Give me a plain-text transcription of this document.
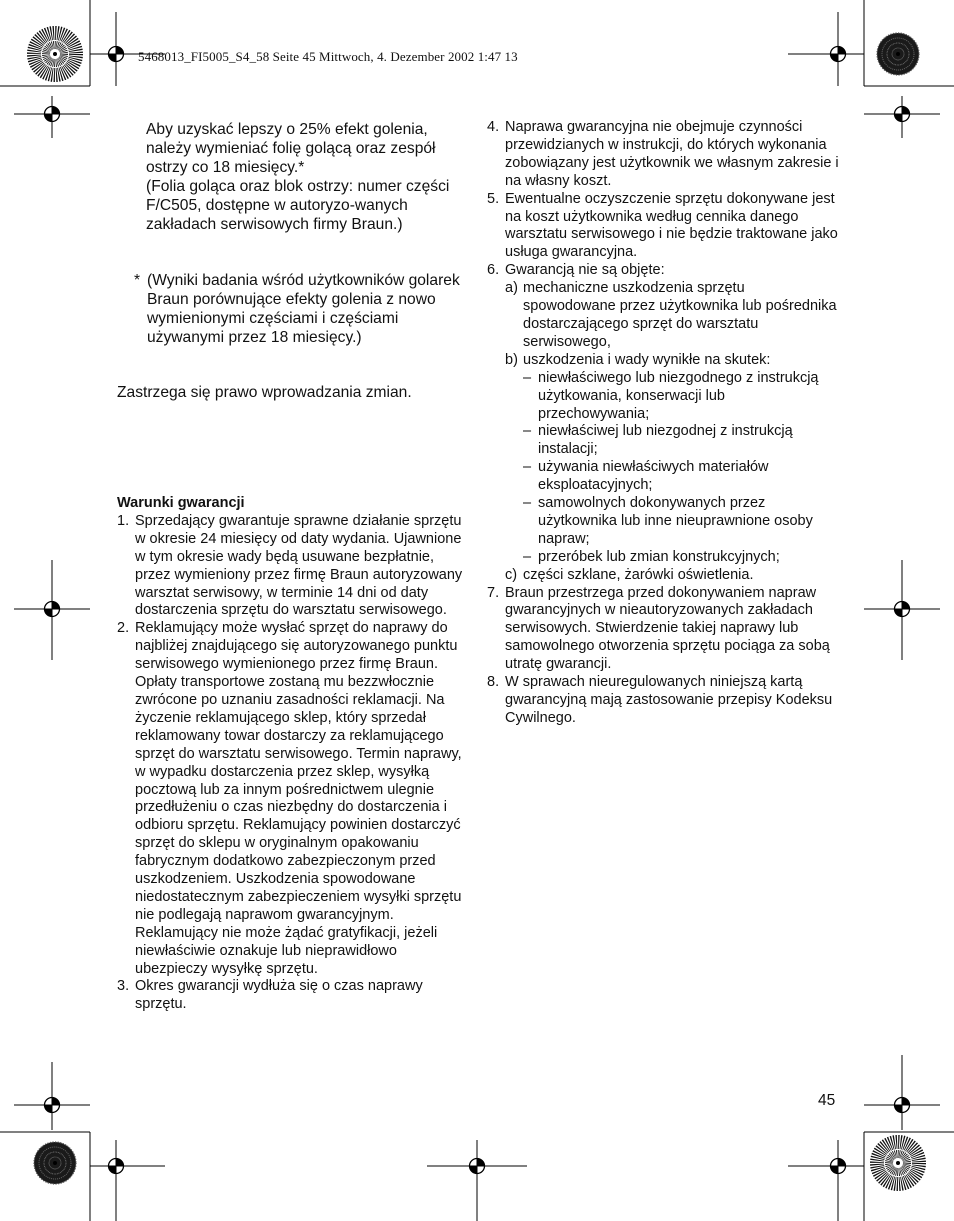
5468013_FI5005_S4_58 Seite 45 Mittwoch, 4. Dezember 2002 1:47 13

Aby uzyskać lepszy o 25% efekt golenia, należy wymieniać folię golącą oraz zespół ostrzy co 18 miesięcy.*

(Folia goląca oraz blok ostrzy: numer części F/C505, dostępne w autoryzo-wanych zakładach serwisowych firmy Braun.)

* (Wyniki badania wśród użytkowników golarek Braun porównujące efekty golenia z nowo wymienionymi częściami i częściami używanymi przez 18 miesięcy.)
Zastrzega się prawo wprowadzania zmian.
Warunki gwarancji
1. Sprzedający gwarantuje sprawne działanie sprzętu w okresie 24 miesięcy od daty wydania. Ujawnione w tym okresie wady będą usuwane bezpłatnie, przez wymieniony przez firmę Braun autoryzowany warsztat serwisowy, w terminie 14 dni od daty dostarczenia sprzętu do warsztatu serwisowego.
2. Reklamujący może wysłać sprzęt do naprawy do najbliżej znajdującego się autoryzowanego punktu serwisowego wymienionego przez firmę Braun.
Opłaty transportowe zostaną mu bezzwłocznie zwrócone po uznaniu zasadności reklamacji. Na życzenie reklamującego sklep, który sprzedał reklamowany towar dostarczy za reklamującego sprzęt do warsztatu serwisowego. Termin naprawy, w wypadku dostarczenia przez sklep, wysyłką pocztową lub za innym pośrednictwem ulegnie przedłużeniu o czas niezbędny do dostarczenia i odbioru sprzętu. Reklamujący powinien dostarczyć sprzęt do sklepu w oryginalnym opakowaniu fabrycznym dodatkowo zabezpieczonym przed uszkodzeniem. Uszkodzenia spowodowane niedostatecznym zabezpieczeniem wysyłki sprzętu nie podlegają naprawom gwarancyjnym. Reklamujący nie może żądać gratyfikacji, jeżeli niewłaściwie oznakuje lub nieprawidłowo ubezpieczy wysyłkę sprzętu.
3. Okres gwarancji wydłuża się o czas naprawy sprzętu.
4. Naprawa gwarancyjna nie obejmuje czynności przewidzianych w instrukcji, do których wykonania zobowiązany jest użytkownik we własnym zakresie i na własny koszt.
5. Ewentualne oczyszczenie sprzętu dokonywane jest na koszt użytkownika według cennika danego warsztatu serwisowego i nie będzie traktowane jako usługa gwarancyjna.
6. Gwarancją nie są objęte:
a) mechaniczne uszkodzenia sprzętu spowodowane przez użytkownika lub pośrednika dostarczającego sprzęt do warsztatu serwisowego,
b) uszkodzenia i wady wynikłe na skutek:
– niewłaściwego lub niezgodnego z instrukcją użytkowania, konserwacji lub przechowywania;
– niewłaściwej lub niezgodnej z instrukcją instalacji;
– używania niewłaściwych materiałów eksploatacyjnych;
– samowolnych dokonywanych przez użytkownika lub inne nieuprawnione osoby napraw;
– przeróbek lub zmian konstrukcyjnych;
c) części szklane, żarówki oświetlenia.
7. Braun przestrzega przed dokonywaniem napraw gwarancyjnych w nieautoryzowanych zakładach serwisowych. Stwierdzenie takiej naprawy lub samowolnego otworzenia sprzętu pociąga za sobą utratę gwarancji.
8. W sprawach nieuregulowanych niniejszą kartą gwarancyjną mają zastosowanie przepisy Kodeksu Cywilnego.
45
